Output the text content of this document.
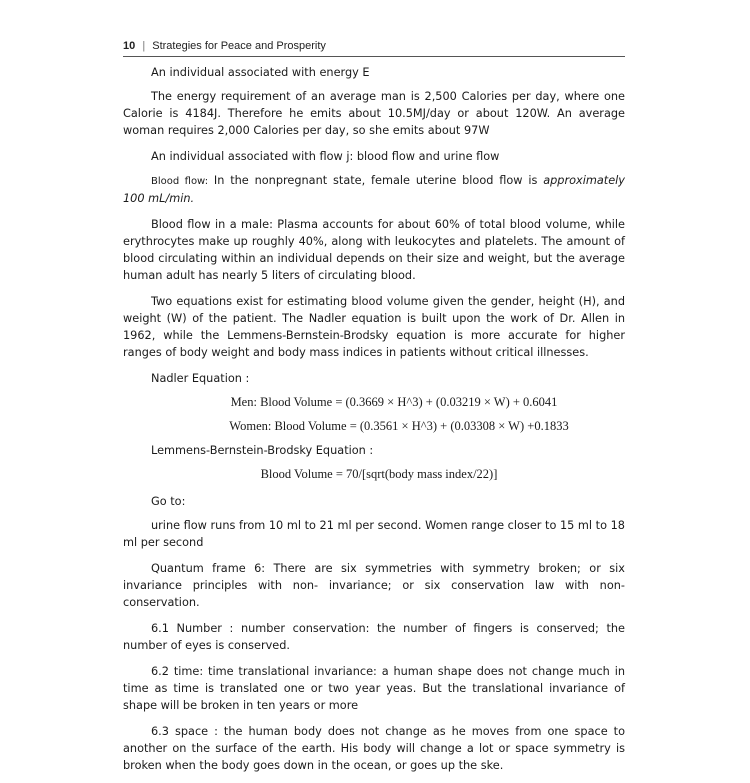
10 | Strategies for Peace and Prosperity

An individual associated with energy E

The energy requirement of an average man is 2,500 Calories per day, where one Calorie is 4184J. Therefore he emits about 10.5MJ/day or about 120W. An average woman requires 2,000 Calories per day, so she emits about 97W

An individual associated with flow j: blood flow and urine flow

Blood flow: In the nonpregnant state, female uterine blood flow is approximately 100 mL/min.

Blood flow in a male: Plasma accounts for about 60% of total blood volume, while erythrocytes make up roughly 40%, along with leukocytes and platelets. The amount of blood circulating within an individual depends on their size and weight, but the average human adult has nearly 5 liters of circulating blood.

Two equations exist for estimating blood volume given the gender, height (H), and weight (W) of the patient. The Nadler equation is built upon the work of Dr. Allen in 1962, while the Lemmens-Bernstein-Brodsky equation is more accurate for higher ranges of body weight and body mass indices in patients without critical illnesses.

Nadler Equation :

Men: Blood Volume = (0.3669 × H^3) + (0.03219 × W) + 0.6041

Women: Blood Volume = (0.3561 × H^3) + (0.03308 × W) +0.1833

Lemmens-Bernstein-Brodsky Equation :

Blood Volume = 70/[sqrt(body mass index/22)]

Go to:

urine flow runs from 10 ml to 21 ml per second. Women range closer to 15 ml to 18 ml per second

Quantum frame 6: There are six symmetries with symmetry broken; or six invariance principles with non- invariance; or six conservation law with non-conservation.

6.1 Number : number conservation: the number of fingers is conserved; the number of eyes is conserved.

6.2 time: time translational invariance: a human shape does not change much in time as time is translated one or two year yeas. But the translational invariance of shape will be broken in ten years or more

6.3 space : the human body does not change as he moves from one space to another on the surface of the earth. His body will change a lot or space symmetry is broken when the body goes down in the ocean, or goes up the ske.
